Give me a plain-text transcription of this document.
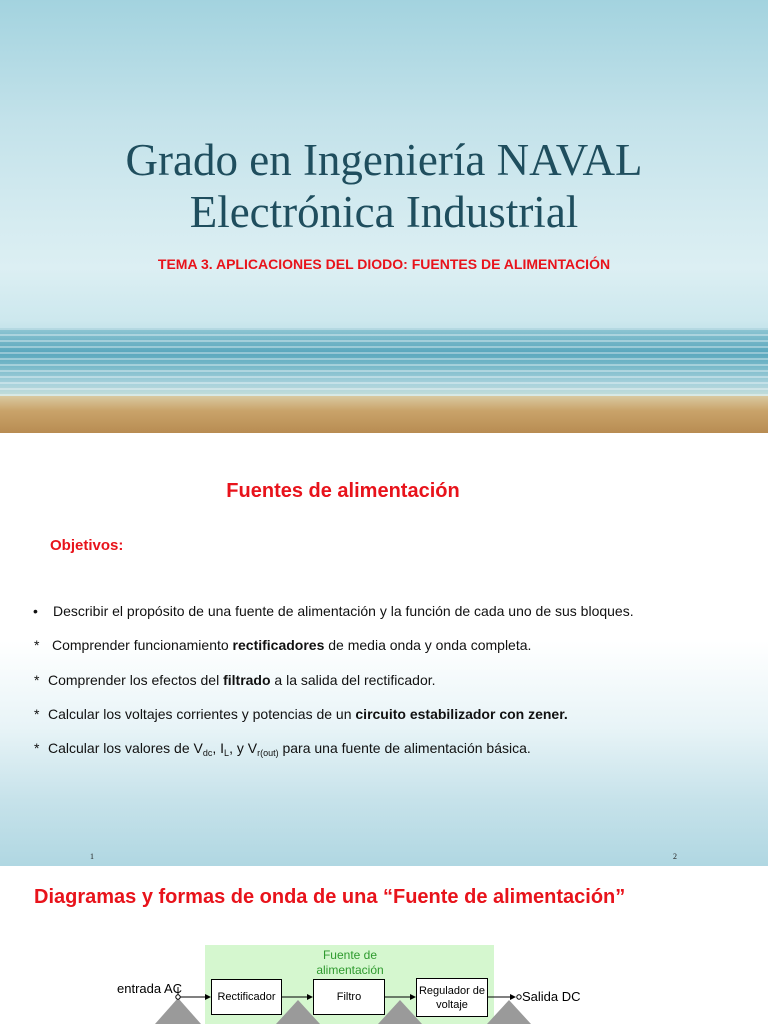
Grado en Ingeniería NAVAL
Electrónica Industrial
TEMA 3. APLICACIONES DEL DIODO: FUENTES DE ALIMENTACIÓN
Fuentes de alimentación
Objetivos:
• Describir el propósito de una fuente de alimentación y la función de cada uno de sus bloques.
* Comprender funcionamiento rectificadores de media onda y onda completa.
* Comprender los efectos del filtrado a la salida del rectificador.
* Calcular los voltajes corrientes y potencias de un circuito estabilizador con zener.
* Calcular los valores de $V_{dc}$, $I_L$, y $V_{r(out)}$ para una fuente de alimentación básica.
1	2
Diagramas y formas de onda de una “Fuente de alimentación”
Fuente de
alimentación
entrada AC
Salida DC
Rectificador	Filtro
Regulador de voltaje
